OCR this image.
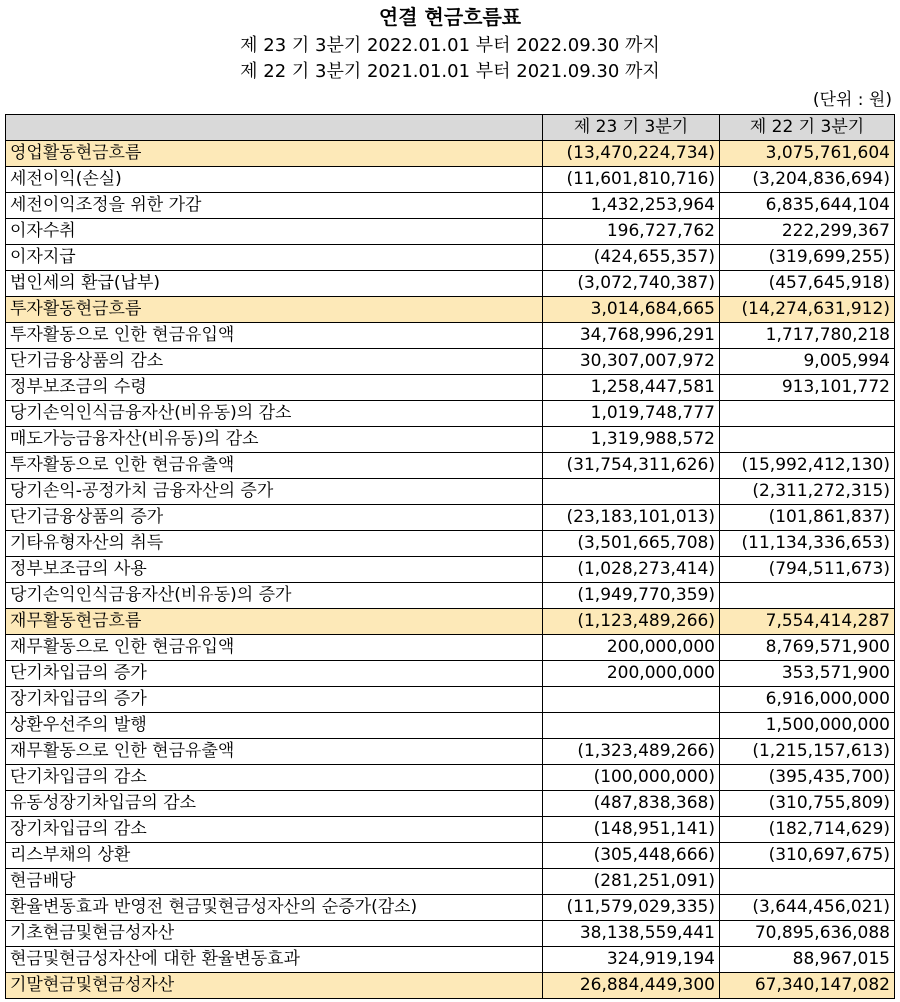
연결 현금흐름표
제 23 기 3분기 2022.01.01 부터 2022.09.30 까지
제 22 기 3분기 2021.01.01 부터 2021.09.30 까지
(단위 : 원)
	제 23 기 3분기	제 22 기 3분기
영업활동현금흐름	(13,470,224,734)	3,075,761,604
세전이익(손실)	(11,601,810,716)	(3,204,836,694)
세전이익조정을 위한 가감	1,432,253,964	6,835,644,104
이자수취	196,727,762	222,299,367
이자지급	(424,655,357)	(319,699,255)
법인세의 환급(납부)	(3,072,740,387)	(457,645,918)
투자활동현금흐름	3,014,684,665	(14,274,631,912)
투자활동으로 인한 현금유입액	34,768,996,291	1,717,780,218
단기금융상품의 감소	30,307,007,972	9,005,994
정부보조금의 수령	1,258,447,581	913,101,772
당기손익인식금융자산(비유동)의 감소	1,019,748,777	
매도가능금융자산(비유동)의 감소	1,319,988,572	
투자활동으로 인한 현금유출액	(31,754,311,626)	(15,992,412,130)
당기손익-공정가치 금융자산의 증가		(2,311,272,315)
단기금융상품의 증가	(23,183,101,013)	(101,861,837)
기타유형자산의 취득	(3,501,665,708)	(11,134,336,653)
정부보조금의 사용	(1,028,273,414)	(794,511,673)
당기손익인식금융자산(비유동)의 증가	(1,949,770,359)	
재무활동현금흐름	(1,123,489,266)	7,554,414,287
재무활동으로 인한 현금유입액	200,000,000	8,769,571,900
단기차입금의 증가	200,000,000	353,571,900
장기차입금의 증가		6,916,000,000
상환우선주의 발행		1,500,000,000
재무활동으로 인한 현금유출액	(1,323,489,266)	(1,215,157,613)
단기차입금의 감소	(100,000,000)	(395,435,700)
유동성장기차입금의 감소	(487,838,368)	(310,755,809)
장기차입금의 감소	(148,951,141)	(182,714,629)
리스부채의 상환	(305,448,666)	(310,697,675)
현금배당	(281,251,091)	
환율변동효과 반영전 현금및현금성자산의 순증가(감소)	(11,579,029,335)	(3,644,456,021)
기초현금및현금성자산	38,138,559,441	70,895,636,088
현금및현금성자산에 대한 환율변동효과	324,919,194	88,967,015
기말현금및현금성자산	26,884,449,300	67,340,147,082
